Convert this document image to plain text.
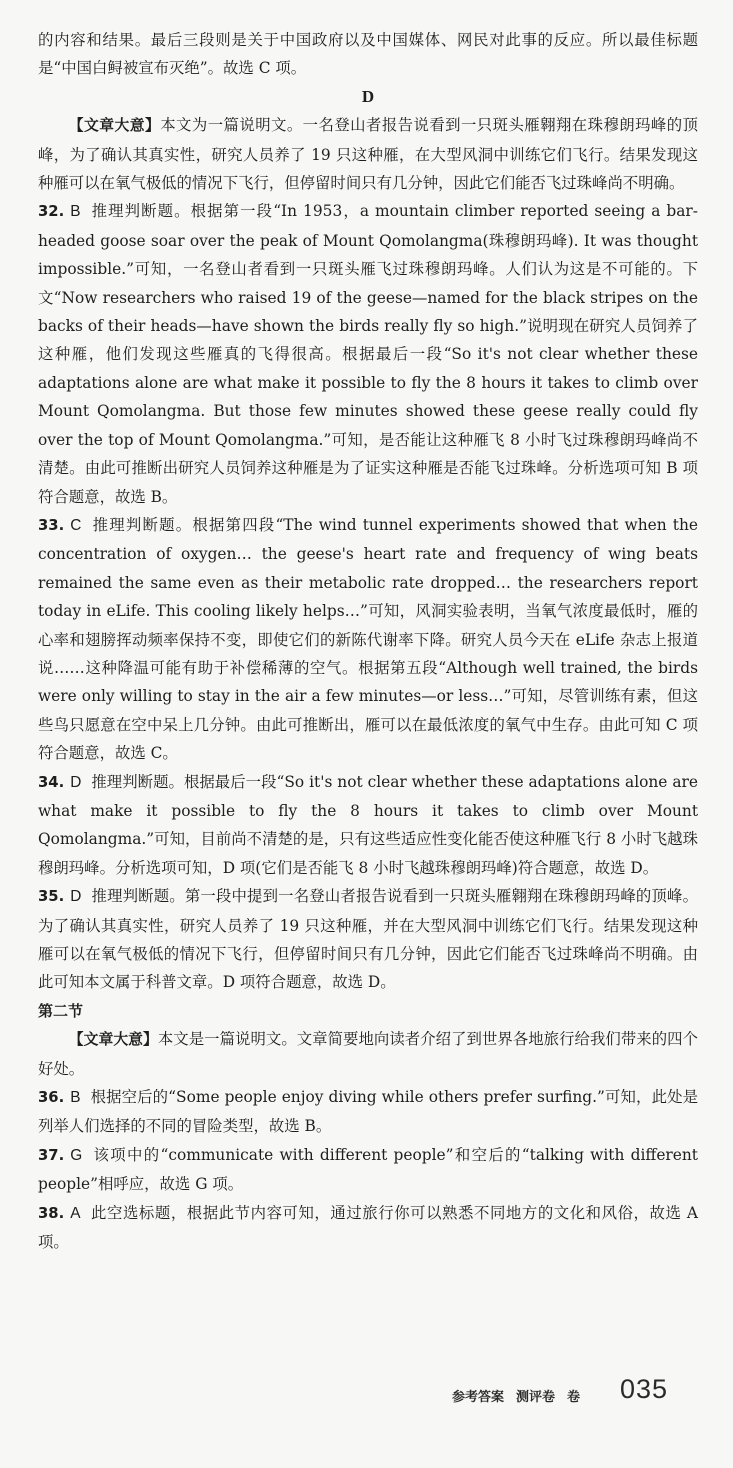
的内容和结果。最后三段则是关于中国政府以及中国媒体、网民对此事的反应。所以最佳标题是“中国白鲟被宣布灭绝”。故选 C 项。

D

【文章大意】本文为一篇说明文。一名登山者报告说看到一只斑头雁翱翔在珠穆朗玛峰的顶峰，为了确认其真实性，研究人员养了 19 只这种雁，在大型风洞中训练它们飞行。结果发现这种雁可以在氧气极低的情况下飞行，但停留时间只有几分钟，因此它们能否飞过珠峰尚不明确。

32. B 推理判断题。根据第一段“In 1953，a mountain climber reported seeing a bar-headed goose soar over the peak of Mount Qomolangma(珠穆朗玛峰). It was thought impossible.”可知，一名登山者看到一只斑头雁飞过珠穆朗玛峰。人们认为这是不可能的。下文“Now researchers who raised 19 of the geese—named for the black stripes on the backs of their heads—have shown the birds really fly so high.”说明现在研究人员饲养了这种雁，他们发现这些雁真的飞得很高。根据最后一段“So it's not clear whether these adaptations alone are what make it possible to fly the 8 hours it takes to climb over Mount Qomolangma. But those few minutes showed these geese really could fly over the top of Mount Qomolangma.”可知，是否能让这种雁飞 8 小时飞过珠穆朗玛峰尚不清楚。由此可推断出研究人员饲养这种雁是为了证实这种雁是否能飞过珠峰。分析选项可知 B 项符合题意，故选 B。

33. C 推理判断题。根据第四段“The wind tunnel experiments showed that when the concentration of oxygen… the geese's heart rate and frequency of wing beats remained the same even as their metabolic rate dropped… the researchers report today in eLife. This cooling likely helps…”可知，风洞实验表明，当氧气浓度最低时，雁的心率和翅膀挥动频率保持不变，即使它们的新陈代谢率下降。研究人员今天在 eLife 杂志上报道说……这种降温可能有助于补偿稀薄的空气。根据第五段“Although well trained, the birds were only willing to stay in the air a few minutes—or less…”可知，尽管训练有素，但这些鸟只愿意在空中呆上几分钟。由此可推断出，雁可以在最低浓度的氧气中生存。由此可知 C 项符合题意，故选 C。

34. D 推理判断题。根据最后一段“So it's not clear whether these adaptations alone are what make it possible to fly the 8 hours it takes to climb over Mount Qomolangma.”可知，目前尚不清楚的是，只有这些适应性变化能否使这种雁飞行 8 小时飞越珠穆朗玛峰。分析选项可知，D 项(它们是否能飞 8 小时飞越珠穆朗玛峰)符合题意，故选 D。

35. D 推理判断题。第一段中提到一名登山者报告说看到一只斑头雁翱翔在珠穆朗玛峰的顶峰。为了确认其真实性，研究人员养了 19 只这种雁，并在大型风洞中训练它们飞行。结果发现这种雁可以在氧气极低的情况下飞行，但停留时间只有几分钟，因此它们能否飞过珠峰尚不明确。由此可知本文属于科普文章。D 项符合题意，故选 D。

第二节

【文章大意】本文是一篇说明文。文章简要地向读者介绍了到世界各地旅行给我们带来的四个好处。

36. B 根据空后的“Some people enjoy diving while others prefer surfing.”可知，此处是列举人们选择的不同的冒险类型，故选 B。

37. G 该项中的“communicate with different people”和空后的“talking with different people”相呼应，故选 G 项。

38. A 此空选标题，根据此节内容可知，通过旅行你可以熟悉不同地方的文化和风俗，故选 A 项。

参考答案 测评卷 卷	035
